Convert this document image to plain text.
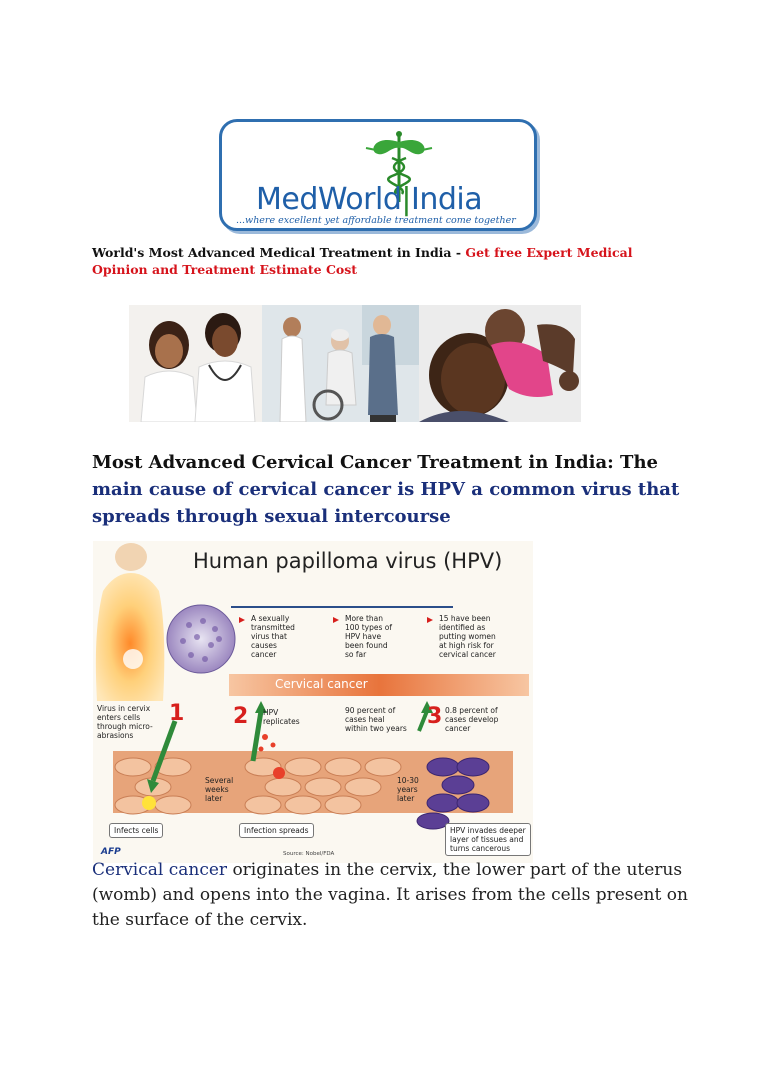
MedWorld|India
...where excellent yet affordable treatment come together
World's Most Advanced Medical Treatment in India - Get free Expert Medical Opinion and Treatment Estimate Cost
Most Advanced Cervical Cancer Treatment in India: The main cause of cervical cancer is HPV a common virus that spreads through sexual intercourse
Human papilloma virus (HPV)
A sexually
transmitted
virus that
causes
cancer
More than
100 types of
HPV have
been found
so far
15 have been
identified as
putting women
at high risk for
cervical cancer
Cervical cancer
Virus in cervix
enters cells
through micro-
abrasions
1 2 HPV
replicates
90 percent of
cases heal
within two years 3 0.8 percent of
cases develop
cancer
Several
weeks
later
10-30
years
later
Infects cells	Infection spreads	HPV invades deeper
layer of tissues and
turns cancerous
AFP	Source: Nobel/FDA
Cervical cancer originates in the cervix, the lower part of the uterus (womb) and opens into the vagina. It arises from the cells present on the surface of the cervix.
